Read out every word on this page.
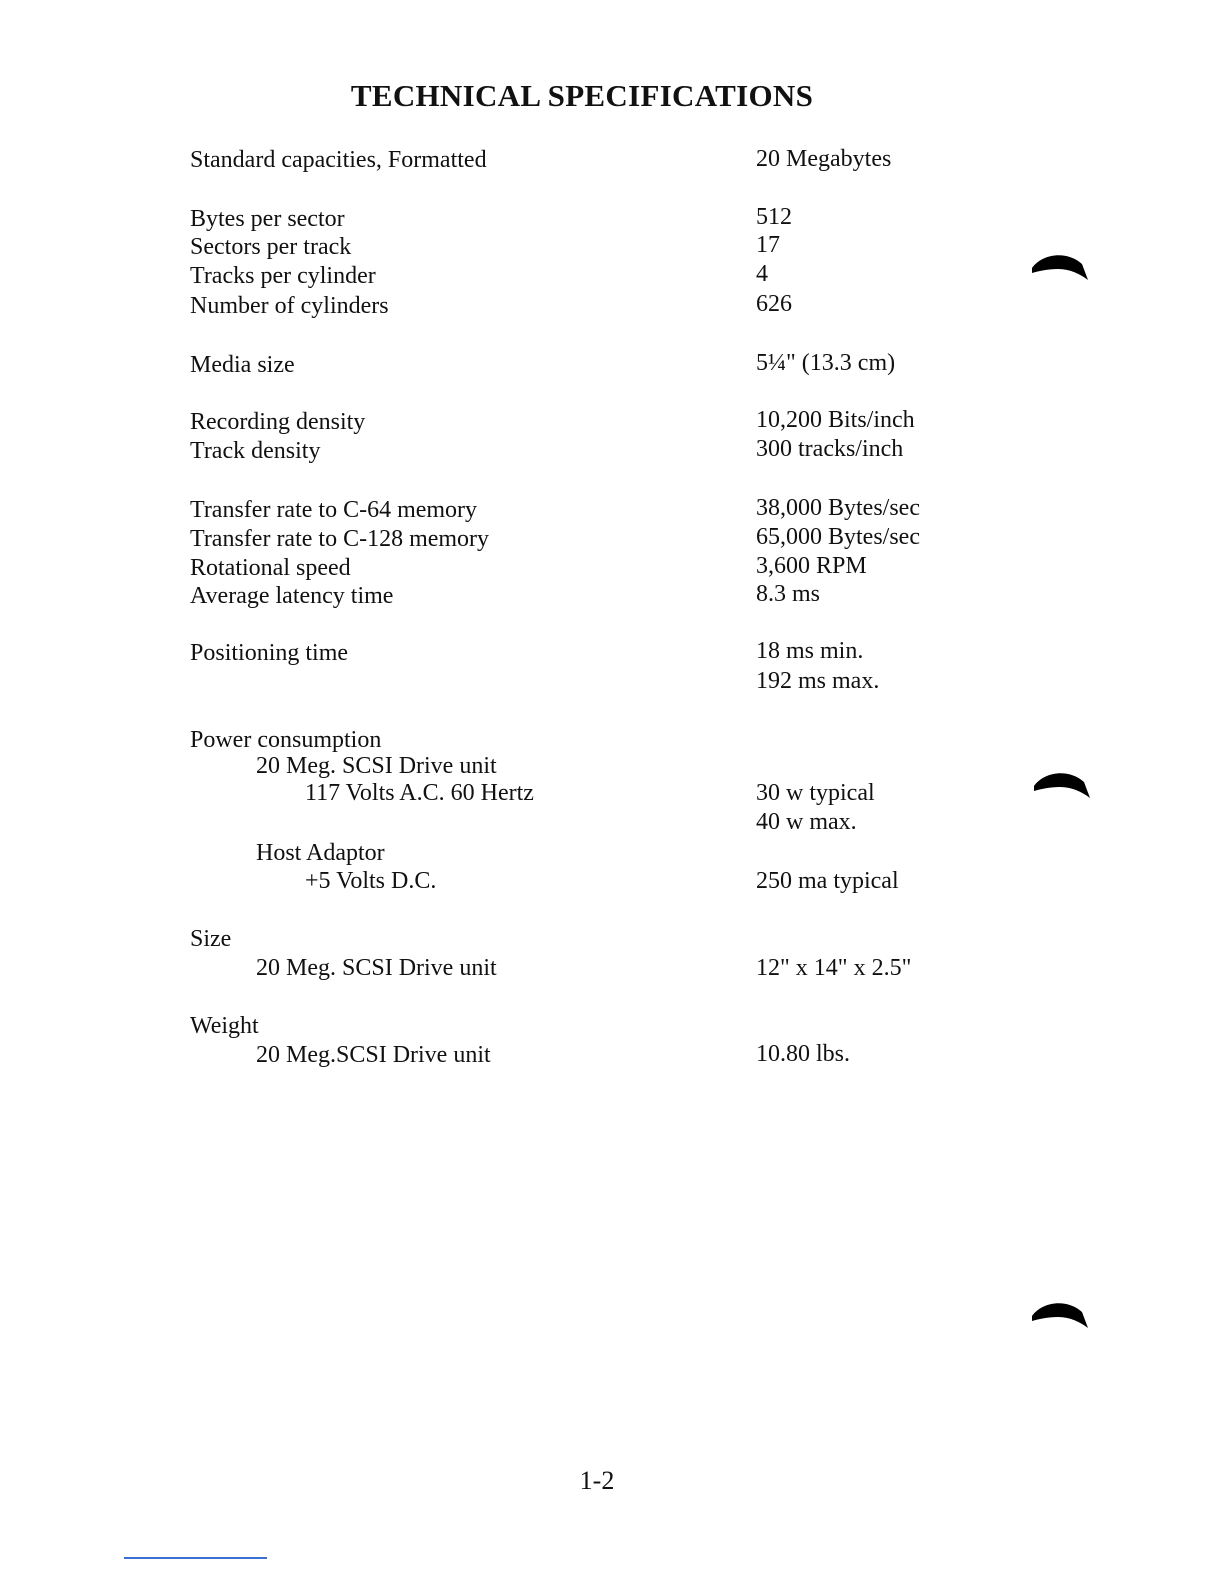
TECHNICAL SPECIFICATIONS
Standard capacities, Formatted	20 Megabytes
Bytes per sector	512
Sectors per track	17
Tracks per cylinder	4
Number of cylinders	626
Media size	5¼" (13.3 cm)
Recording density	10,200 Bits/inch
Track density	300 tracks/inch
Transfer rate to C-64 memory	38,000 Bytes/sec
Transfer rate to C-128 memory	65,000 Bytes/sec
Rotational speed	3,600 RPM
Average latency time	8.3 ms
Positioning time	18 ms min.
192 ms max.
Power consumption
20 Meg. SCSI Drive unit
117 Volts A.C. 60 Hertz	30 w typical
40 w max.
Host Adaptor
+5 Volts D.C.	250 ma typical
Size
20 Meg. SCSI Drive unit	12" x 14" x 2.5"
Weight
20 Meg.SCSI Drive unit	10.80 lbs.
1-2
